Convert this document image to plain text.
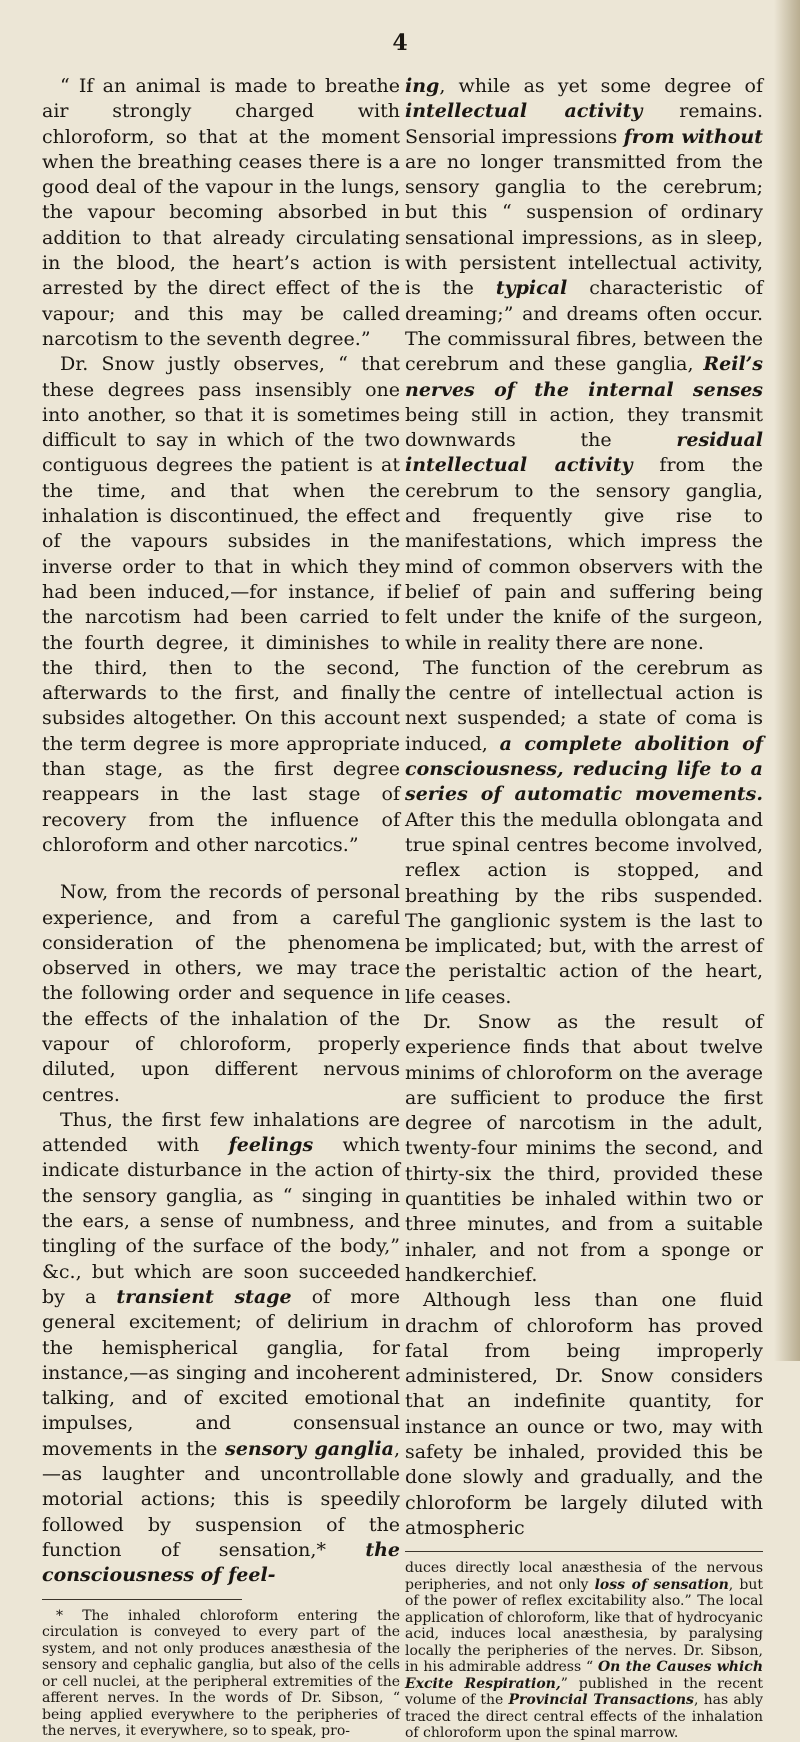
4

“ If an animal is made to breathe air strongly charged with chloroform, so that at the moment when the breathing ceases there is a good deal of the vapour in the lungs, the vapour becoming absorbed in addition to that already circulating in the blood, the heart’s action is arrested by the direct effect of the vapour; and this may be called narcotism to the seventh degree.”

Dr. Snow justly observes, “ that these degrees pass insensibly one into another, so that it is sometimes difficult to say in which of the two contiguous degrees the patient is at the time, and that when the inhalation is discontinued, the effect of the vapours subsides in the inverse order to that in which they had been induced,—for instance, if the narcotism had been carried to the fourth degree, it diminishes to the third, then to the second, afterwards to the first, and finally subsides altogether. On this account the term degree is more appropriate than stage, as the first degree reappears in the last stage of recovery from the influence of chloroform and other narcotics.”

Now, from the records of personal experience, and from a careful consideration of the phenomena observed in others, we may trace the following order and sequence in the effects of the inhalation of the vapour of chloroform, properly diluted, upon different nervous centres.

Thus, the first few inhalations are attended with feelings which indicate disturbance in the action of the sensory ganglia, as “ singing in the ears, a sense of numbness, and tingling of the surface of the body,” &c., but which are soon succeeded by a transient stage of more general excitement; of delirium in the hemispherical ganglia, for instance,—as singing and incoherent talking, and of excited emotional impulses, and consensual movements in the sensory ganglia,—as laughter and uncontrollable motorial actions; this is speedily followed by suspension of the function of sensation,* the consciousness of feel-

* The inhaled chloroform entering the circulation is conveyed to every part of the system, and not only produces anæsthesia of the sensory and cephalic ganglia, but also of the cells or cell nuclei, at the peripheral extremities of the afferent nerves. In the words of Dr. Sibson, “ being applied everywhere to the peripheries of the nerves, it everywhere, so to speak, pro-

ing, while as yet some degree of intellectual activity remains. Sensorial impressions from without are no longer transmitted from the sensory ganglia to the cerebrum; but this “ suspension of ordinary sensational impressions, as in sleep, with persistent intellectual activity, is the typical characteristic of dreaming;” and dreams often occur. The commissural fibres, between the cerebrum and these ganglia, Reil’s nerves of the internal senses being still in action, they transmit downwards the residual intellectual activity from the cerebrum to the sensory ganglia, and frequently give rise to manifestations, which impress the mind of common observers with the belief of pain and suffering being felt under the knife of the surgeon, while in reality there are none.

The function of the cerebrum as the centre of intellectual action is next suspended; a state of coma is induced, a complete abolition of consciousness, reducing life to a series of automatic movements. After this the medulla oblongata and true spinal centres become involved, reflex action is stopped, and breathing by the ribs suspended. The ganglionic system is the last to be implicated; but, with the arrest of the peristaltic action of the heart, life ceases.

Dr. Snow as the result of experience finds that about twelve minims of chloroform on the average are sufficient to produce the first degree of narcotism in the adult, twenty-four minims the second, and thirty-six the third, provided these quantities be inhaled within two or three minutes, and from a suitable inhaler, and not from a sponge or handkerchief.

Although less than one fluid drachm of chloroform has proved fatal from being improperly administered, Dr. Snow considers that an indefinite quantity, for instance an ounce or two, may with safety be inhaled, provided this be done slowly and gradually, and the chloroform be largely diluted with atmospheric

duces directly local anæsthesia of the nervous peripheries, and not only loss of sensation, but of the power of reflex excitability also.” The local application of chloroform, like that of hydrocyanic acid, induces local anæsthesia, by paralysing locally the peripheries of the nerves. Dr. Sibson, in his admirable address “ On the Causes which Excite Respiration,” published in the recent volume of the Provincial Transactions, has ably traced the direct central effects of the inhalation of chloroform upon the spinal marrow.
